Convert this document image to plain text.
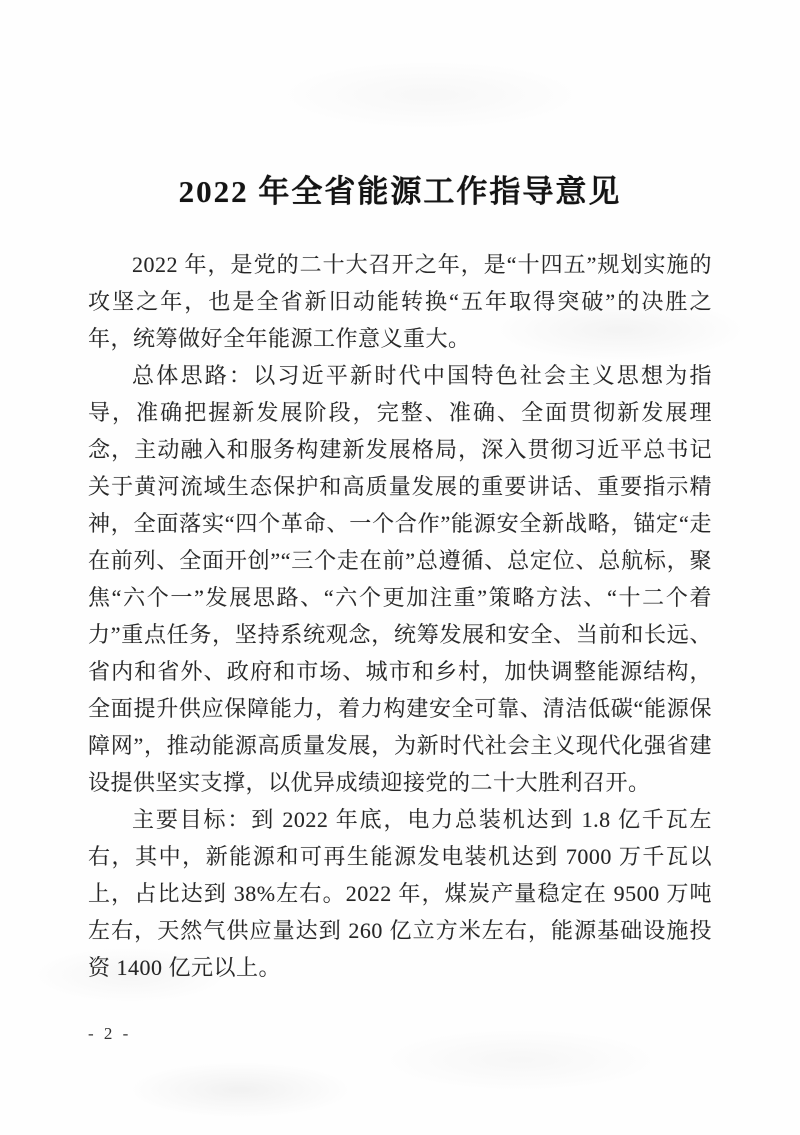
2022 年全省能源工作指导意见

2022 年，是党的二十大召开之年，是“十四五”规划实施的攻坚之年，也是全省新旧动能转换“五年取得突破”的决胜之年，统筹做好全年能源工作意义重大。

总体思路：以习近平新时代中国特色社会主义思想为指导，准确把握新发展阶段，完整、准确、全面贯彻新发展理念，主动融入和服务构建新发展格局，深入贯彻习近平总书记关于黄河流域生态保护和高质量发展的重要讲话、重要指示精神，全面落实“四个革命、一个合作”能源安全新战略，锚定“走在前列、全面开创”“三个走在前”总遵循、总定位、总航标，聚焦“六个一”发展思路、“六个更加注重”策略方法、“十二个着力”重点任务，坚持系统观念，统筹发展和安全、当前和长远、省内和省外、政府和市场、城市和乡村，加快调整能源结构，全面提升供应保障能力，着力构建安全可靠、清洁低碳“能源保障网”，推动能源高质量发展，为新时代社会主义现代化强省建设提供坚实支撑，以优异成绩迎接党的二十大胜利召开。

主要目标：到 2022 年底，电力总装机达到 1.8 亿千瓦左右，其中，新能源和可再生能源发电装机达到 7000 万千瓦以上，占比达到 38%左右。2022 年，煤炭产量稳定在 9500 万吨左右，天然气供应量达到 260 亿立方米左右，能源基础设施投资 1400 亿元以上。

- 2 -
